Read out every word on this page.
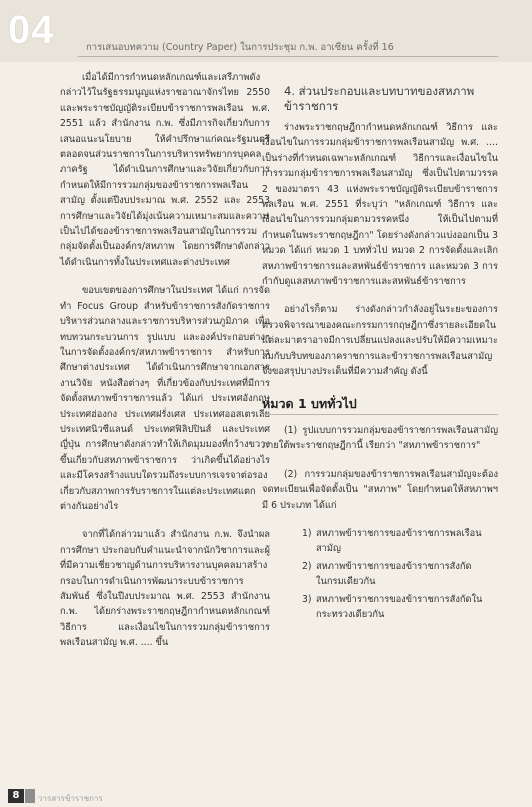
04	การเสนอบทความ (Country Paper) ในการประชุม ก.พ. อาเซียน ครั้งที่ 16

เมื่อได้มีการกำหนดหลักเกณฑ์และเสรีภาพดังกล่าวไว้ในรัฐธรรมนูญแห่งราชอาณาจักรไทย 2550 และพระราชบัญญัติระเบียบข้าราชการพลเรือน พ.ศ. 2551 แล้ว สำนักงาน ก.พ. ซึ่งมีภารกิจเกี่ยวกับการเสนอแนะนโยบาย ให้คำปรึกษาแก่คณะรัฐมนตรีตลอดจนส่วนราชการในการบริหารทรัพยากรบุคคลภาครัฐ ได้ดำเนินการศึกษาและวิจัยเกี่ยวกับการกำหนดให้มีการรวมกลุ่มของข้าราชการพลเรือนสามัญ ตั้งแต่ปีงบประมาณ พ.ศ. 2552 และ 2553 การศึกษาและวิจัยได้มุ่งเน้นความเหมาะสมและความเป็นไปได้ของข้าราชการพลเรือนสามัญในการรวมกลุ่มจัดตั้งเป็นองค์กร/สหภาพ โดยการศึกษาดังกล่าวได้ดำเนินการทั้งในประเทศและต่างประเทศ

ขอบเขตของการศึกษาในประเทศ ได้แก่ การจัดทำ Focus Group สำหรับข้าราชการสังกัดราชการบริหารส่วนกลางและราชการบริหารส่วนภูมิภาค เพื่อทบทวนกระบวนการ รูปแบบ และองค์ประกอบต่างๆ ในการจัดตั้งองค์กร/สหภาพข้าราชการ สำหรับการศึกษาต่างประเทศ ได้ดำเนินการศึกษาจากเอกสาร งานวิจัย หนังสือต่างๆ ที่เกี่ยวข้องกับประเทศที่มีการจัดตั้งสหภาพข้าราชการแล้ว ได้แก่ ประเทศอังกฤษ ประเทศฮ่องกง ประเทศฝรั่งเศส ประเทศออสเตรเลีย ประเทศนิวซีแลนด์ ประเทศฟิลิปปินส์ และประเทศญี่ปุ่น การศึกษาดังกล่าวทำให้เกิดมุมมองที่กว้างขวางขึ้นเกี่ยวกับสหภาพข้าราชการ ว่าเกิดขึ้นได้อย่างไร และมีโครงสร้างแบบใดรวมถึงระบบการเจรจาต่อรองเกี่ยวกับสภาพการรับราชการในแต่ละประเทศแตกต่างกันอย่างไร

จากที่ได้กล่าวมาแล้ว สำนักงาน ก.พ. จึงนำผลการศึกษา ประกอบกับคำแนะนำจากนักวิชาการและผู้ที่มีความเชี่ยวชาญด้านการบริหารงานบุคคลมาสร้างกรอบในการดำเนินการพัฒนาระบบข้าราชการสัมพันธ์ ซึ่งในปีงบประมาณ พ.ศ. 2553 สำนักงาน ก.พ. ได้ยกร่างพระราชกฤษฎีกากำหนดหลักเกณฑ์ วิธีการ และเงื่อนไขในการรวมกลุ่มข้าราชการพลเรือนสามัญ พ.ศ. .... ขึ้น

4. ส่วนประกอบและบทบาทของสหภาพข้าราชการ

ร่างพระราชกฤษฎีกากำหนดหลักเกณฑ์ วิธีการ และเงื่อนไขในการรวมกลุ่มข้าราชการพลเรือนสามัญ พ.ศ. .... เป็นร่างที่กำหนดเฉพาะหลักเกณฑ์ วิธีการและเงื่อนไขในการรวมกลุ่มข้าราชการพลเรือนสามัญ ซึ่งเป็นไปตามวรรค 2 ของมาตรา 43 แห่งพระราชบัญญัติระเบียบข้าราชการพลเรือน พ.ศ. 2551 ที่ระบุว่า "หลักเกณฑ์ วิธีการ และเงื่อนไขในการรวมกลุ่มตามวรรคหนึ่ง ให้เป็นไปตามที่กำหนดในพระราชกฤษฎีกา" โดยร่างดังกล่าวแบ่งออกเป็น 3 หมวด ได้แก่ หมวด 1 บททั่วไป หมวด 2 การจัดตั้งและเลิกสหภาพข้าราชการและสหพันธ์ข้าราชการ และหมวด 3 การกำกับดูแลสหภาพข้าราชการและสหพันธ์ข้าราชการ

อย่างไรก็ตาม ร่างดังกล่าวกำลังอยู่ในระยะของการตรวจพิจารณาของคณะกรรมการกฤษฎีกาซึ่งรายละเอียดในแต่ละมาตราอาจมีการเปลี่ยนแปลงและปรับให้มีความเหมาะสมกับบริบทของภาคราชการและข้าราชการพลเรือนสามัญ จึงขอสรุปบางประเด็นที่มีความสำคัญ ดังนี้

หมวด 1 บททั่วไป

(1) รูปแบบการรวมกลุ่มของข้าราชการพลเรือนสามัญภายใต้พระราชกฤษฎีกานี้ เรียกว่า "สหภาพข้าราชการ"

(2) การรวมกลุ่มของข้าราชการพลเรือนสามัญจะต้องจดทะเบียนเพื่อจัดตั้งเป็น "สหภาพ" โดยกำหนดให้สหภาพฯ มี 6 ประเภท ได้แก่

1) สหภาพข้าราชการของข้าราชการพลเรือนสามัญ
2) สหภาพข้าราชการของข้าราชการสังกัดในกรมเดียวกัน
3) สหภาพข้าราชการของข้าราชการสังกัดในกระทรวงเดียวกัน
8	วารสารข้าราชการ
